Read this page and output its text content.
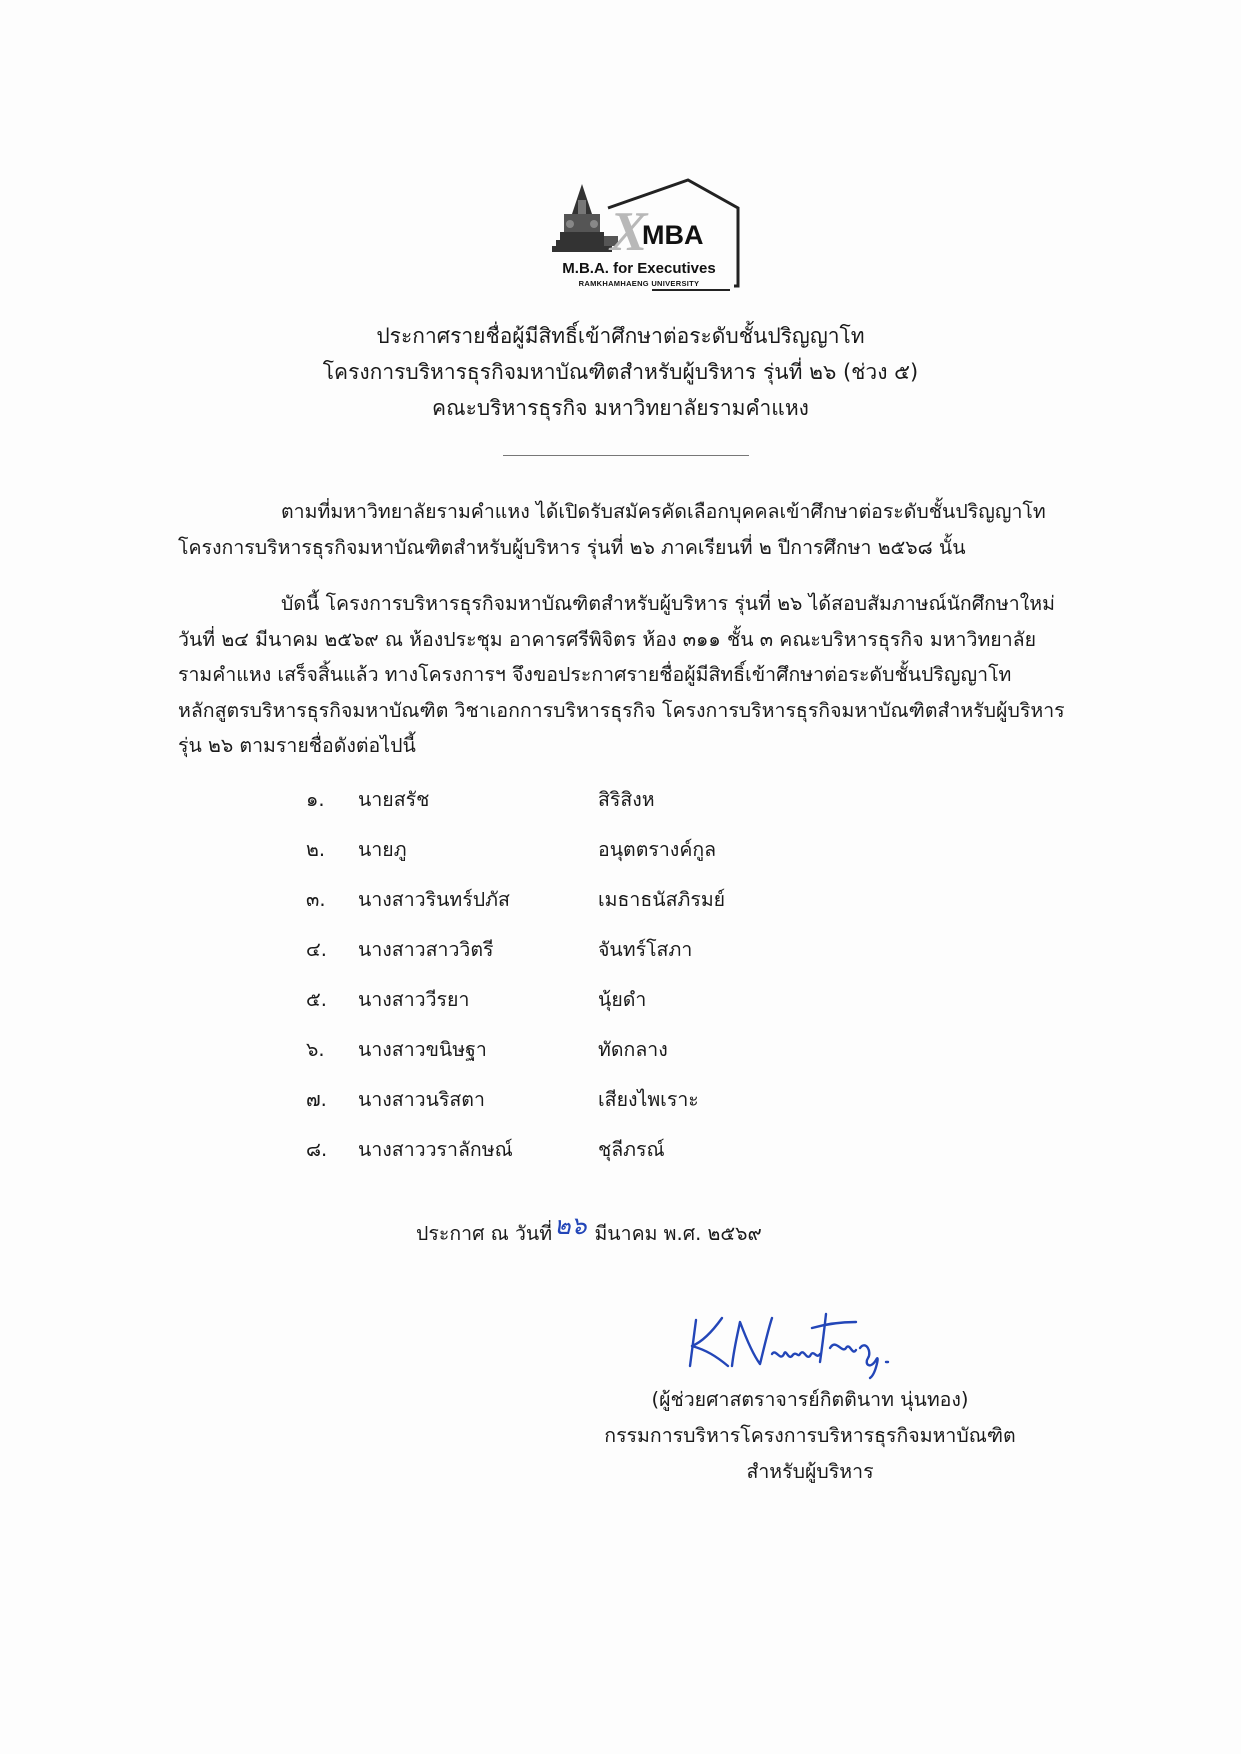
X
MBA
M.B.A. for Executives
RAMKHAMHAENG UNIVERSITY
ประกาศรายชื่อผู้มีสิทธิ์เข้าศึกษาต่อระดับชั้นปริญญาโท
โครงการบริหารธุรกิจมหาบัณฑิตสำหรับผู้บริหาร รุ่นที่ ๒๖ (ช่วง ๕)
คณะบริหารธุรกิจ มหาวิทยาลัยรามคำแหง
ตามที่มหาวิทยาลัยรามคำแหง ได้เปิดรับสมัครคัดเลือกบุคคลเข้าศึกษาต่อระดับชั้นปริญญาโท
โครงการบริหารธุรกิจมหาบัณฑิตสำหรับผู้บริหาร รุ่นที่ ๒๖ ภาคเรียนที่ ๒ ปีการศึกษา ๒๕๖๘ นั้น
บัดนี้ โครงการบริหารธุรกิจมหาบัณฑิตสำหรับผู้บริหาร รุ่นที่ ๒๖ ได้สอบสัมภาษณ์นักศึกษาใหม่
วันที่ ๒๔ มีนาคม ๒๕๖๙ ณ ห้องประชุม อาคารศรีพิจิตร ห้อง ๓๑๑ ชั้น ๓ คณะบริหารธุรกิจ มหาวิทยาลัย
รามคำแหง เสร็จสิ้นแล้ว ทางโครงการฯ จึงขอประกาศรายชื่อผู้มีสิทธิ์เข้าศึกษาต่อระดับชั้นปริญญาโท
หลักสูตรบริหารธุรกิจมหาบัณฑิต วิชาเอกการบริหารธุรกิจ โครงการบริหารธุรกิจมหาบัณฑิตสำหรับผู้บริหาร
รุ่น ๒๖ ตามรายชื่อดังต่อไปนี้
๑. นายสรัช	สิริสิงห
๒. นายภู	อนุตตรางค์กูล
๓. นางสาวรินทร์ปภัส	เมธาธนัสภิรมย์
๔. นางสาวสาววิตรี	จันทร์โสภา
๕. นางสาววีรยา	นุ้ยดำ
๖. นางสาวขนิษฐา	ทัดกลาง
๗. นางสาวนริสตา	เสียงไพเราะ
๘. นางสาววราลักษณ์	ชุลีภรณ์
ประกาศ ณ วันที่๒๖ มีนาคม พ.ศ. ๒๕๖๙
(ผู้ช่วยศาสตราจารย์กิตตินาท นุ่นทอง)
กรรมการบริหารโครงการบริหารธุรกิจมหาบัณฑิต
สำหรับผู้บริหาร
